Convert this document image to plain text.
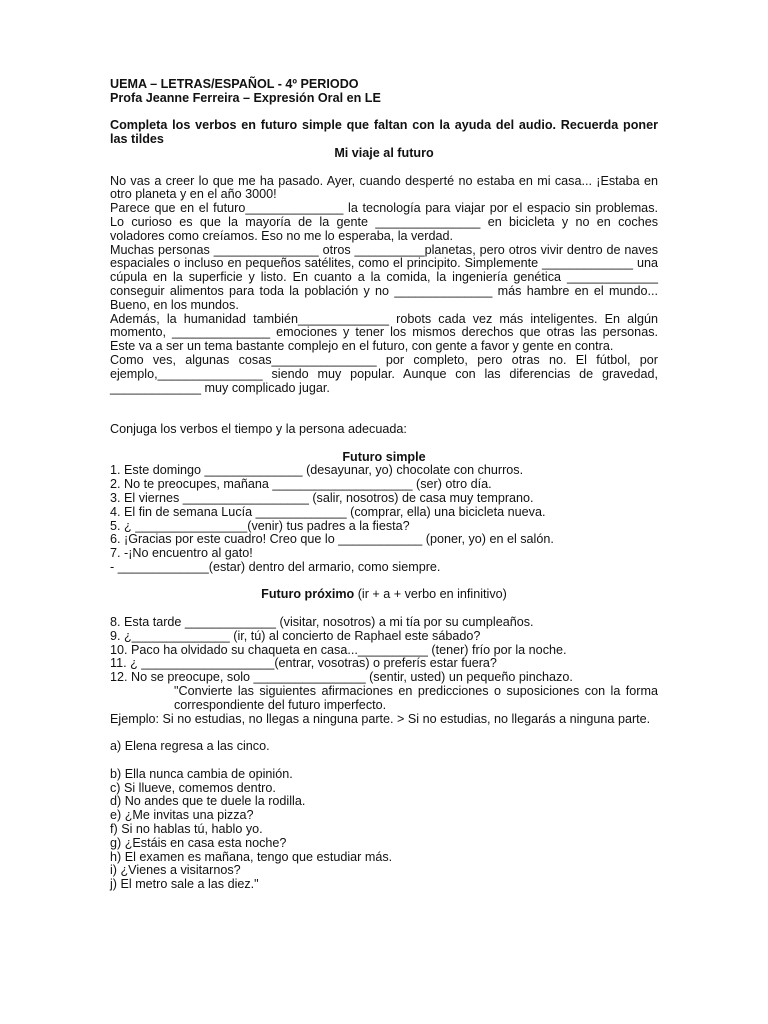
UEMA – LETRAS/ESPAÑOL - 4º PERIODO

Profa Jeanne Ferreira – Expresión Oral en LE

Completa los verbos en futuro simple que faltan con la ayuda del audio. Recuerda poner las tildes

Mi viaje al futuro

No vas a creer lo que me ha pasado. Ayer, cuando desperté no estaba en mi casa... ¡Estaba en otro planeta y en el año 3000!

Parece que en el futuro______________ la tecnología para viajar por el espacio sin problemas. Lo curioso es que la mayoría de la gente _______________ en bicicleta y no en coches voladores como creíamos. Eso no me lo esperaba, la verdad.

Muchas personas _______________ otros __________planetas, pero otros vivir dentro de naves espaciales o incluso en pequeños satélites, como el principito. Simplemente _____________ una cúpula en la superficie y listo. En cuanto a la comida, la ingeniería genética _____________ conseguir alimentos para toda la población y no ______________ más hambre en el mundo... Bueno, en los mundos.

Además, la humanidad también_____________ robots cada vez más inteligentes. En algún momento, ______________ emociones y tener los mismos derechos que otras las personas. Este va a ser un tema bastante complejo en el futuro, con gente a favor y gente en contra.

Como ves, algunas cosas_______________ por completo, pero otras no. El fútbol, por ejemplo,_______________ siendo muy popular. Aunque con las diferencias de gravedad, _____________ muy complicado jugar.

Conjuga los verbos el tiempo y la persona adecuada:

Futuro simple

1. Este domingo ______________ (desayunar, yo) chocolate con churros.

2. No te preocupes, mañana ____________________ (ser) otro día.

3. El viernes __________________ (salir, nosotros) de casa muy temprano.

4. El fin de semana Lucía _____________ (comprar, ella) una bicicleta nueva.

5. ¿ ________________(venir) tus padres a la fiesta?

6. ¡Gracias por este cuadro! Creo que lo ____________ (poner, yo) en el salón.

7. -¡No encuentro al gato!

- _____________(estar) dentro del armario, como siempre.

Futuro próximo (ir + a + verbo en infinitivo)

8. Esta tarde _____________ (visitar, nosotros) a mi tía por su cumpleaños.

9. ¿______________ (ir, tú) al concierto de Raphael este sábado?

10. Paco ha olvidado su chaqueta en casa...__________ (tener) frío por la noche.

11. ¿ ___________________(entrar, vosotras) o preferís estar fuera?

12. No se preocupe, solo ________________ (sentir, usted) un pequeño pinchazo.

"Convierte las siguientes afirmaciones en predicciones o suposiciones con la forma correspondiente del futuro imperfecto.

Ejemplo: Si no estudias, no llegas a ninguna parte. > Si no estudias, no llegarás a ninguna parte.

a) Elena regresa a las cinco.

b) Ella nunca cambia de opinión.

c) Si llueve, comemos dentro.

d) No andes que te duele la rodilla.

e) ¿Me invitas una pizza?

f) Si no hablas tú, hablo yo.

g) ¿Estáis en casa esta noche?

h) El examen es mañana, tengo que estudiar más.

i) ¿Vienes a visitarnos?

j) El metro sale a las diez."
